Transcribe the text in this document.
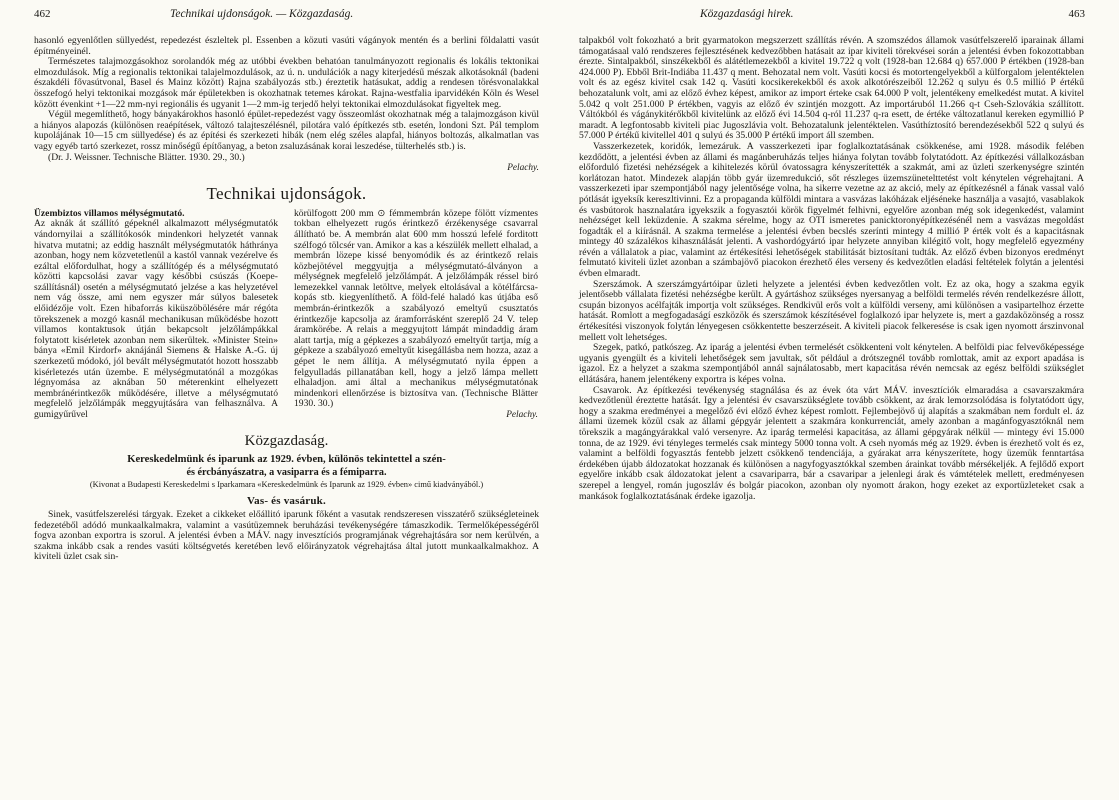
462	Technikai ujdonságok. — Közgazdaság.	Közgazdasági hirek.	463

hasonló egyenlőtlen süllyedést, repedezést észleltek pl. Essenben a közuti vasúti vágányok mentén és a berlini földalatti vasút építményeinél.

Természetes talajmozgásokhoz sorolandók még az utóbbi években behatóan tanulmányozott regionalis és lokális tektonikai elmozdulások. Míg a regionalis tektonikai talajelmozdulások, az ú. n. undulációk a nagy kiterjedésű mészak alkotásoknál (badeni északdéli fővasútvonal, Basel és Mainz között) Rajna szabályozás stb.) éreztetik hatásukat, addig a rendesen törésvonalakkal összefogó helyi tektonikai mozgások már épületekben is okozhatnak tetemes károkat. Rajna-westfalia iparvidékén Köln és Wesel között évenkint +1—22 mm-nyi regionális és ugyanit 1—2 mm-ig terjedő helyi tektonikai elmozdulásokat figyeltek meg.

Végül megemlíthető, hogy bányakárokhos hasonló épület-repedezést vagy összeomlást okozhatnak még a talajmozgáson kivül a hiányos alapozás (különösen reaépítések, változó talajteszélésnél, pilotára való építkezés stb. esetén, londoni Szt. Pál templom kupolájának 10—15 cm süllyedése) és az építési és szerkezeti hibák (nem elég széles alapfal, hiányos boltozás, alkalmatlan vas vagy egyéb tartó szerkezet, rossz minőségű építőanyag, a beton zsaluzásának korai leszedése, tülterhelés stb.) is.

(Dr. J. Weissner. Technische Blätter. 1930. 29., 30.)

Pelachy.

Technikai ujdonságok.

Üzembiztos villamos mélységmutató.

Az aknák át szállító gépeknél alkalmazott mélységmutatók vándornyilai a szállítókosók mindenkori helyzetét vannak hivatva mutatni; az eddig használt mélységmutatók háthránya azonban, hogy nem közvetetlenül a kastól vannak vezérelve és ezáltal előfordulhat, hogy a szállítógép és a mélységmutató közötti kapcsolási zavar vagy későbbi csúszás (Koepe-szállításnál) osetén a mélységmutató jelzése a kas helyzetével nem vág össze, ami nem egyszer már súlyos balesetek előidézője volt. Ezen hibaforrás kiküszöbölésére már régóta törekszenek a mozgó kasnál mechanikusan működésbe hozott villamos kontaktusok útján bekapcsolt jelzőlámpákkal folytatott kisérletek azonban nem sikerültek. «Minister Stein» bánya «Emil Kirdorf» aknájánál Siemens & Halske A.-G. új szerkezetű módokó, jól bevált mélységmutatót hozott hosszabb kisérletezés után üzembe. E mélységmutatónál a mozgókas légnyomása az aknában 50 méterenkint elhelyezett membránérintkezők működésére, illetve a mélységmutató megfelelő jelzőlámpák meggyujtására van felhasználva. A gumigyűrűvel

körülfogott 200 mm ⊙ fémmembrán közepe fölött vízmentes tokban elhelyezett rugós érintkező érzékenysége csavarral állítható be. A membrán alat 600 mm hosszú lefelé forditott szélfogó tölcsér van. Amikor a kas a készülék mellett elhalad, a membrán lözepe kissé benyomódik és az érintkező relais közbejötével meggyujtja a mélységmutató-álványon a mélységnek megfelelő jelzőlámpát. A jelzőlámpák réssel biró lemezekkel vannak letöltve, melyek eltolásával a kötélfárcsa-kopás stb. kiegyenlíthető. A föld-felé haladó kas útjába eső membrán-érintkezők a szabályozó emeltyű csusztatós érintkezője kapcsolja az áramforrásként szereplő 24 V. telep áramkörébe. A relais a meggyujtott lámpát mindaddig áram alatt tartja, míg a gépkezes a szabályozó emeltyűt tartja, míg a gépkeze a szabályozó emeltyűt kisegállásba nem hozza, azaz a gépet le nem állítja. A mélységmutató nyila éppen a felgyulladás pillanatában kell, hogy a jelző lámpa mellett elhaladjon. ami által a mechanikus mélységmutatónak mindenkori ellenőrzése is biztosítva van. (Technische Blätter 1930. 30.)

Pelachy.

Közgazdaság.
Kereskedelmünk és iparunk az 1929. évben, különös tekintettel a szén-
és ércbányászatra, a vasiparra és a fémiparra.
(Kivonat a Budapesti Kereskedelmi s Iparkamara «Kereskedelmünk és Iparunk az 1929. évben» cimű kiadványából.)
Vas- és vasáruk.

Sinek, vasútfelszerelési tárgyak. Ezeket a cikkeket előállitó iparunk főként a vasutak rendszeresen visszatérő szükségleteinek fedezetéből adódó munkaalkalmakra, valamint a vasútüzemnek beruházási tevékenységére támaszkodik. Termelőképességéről fogva azonban exportra is szorul. A jelentési évben a MÁV. nagy invesztíciós programjának végrehajtására sor nem kerülvén, a szakma inkább csak a rendes vasúti költségvetés keretében levő előirányzatok végrehajtása által jutott munkaalkalmakhoz. A kiviteli üzlet csak sin-

talpakból volt fokozható a brit gyarmatokon megszerzett szállítás révén. A szomszédos államok vasútfelszerelő iparainak állami támogatásaal való rendszeres fejlesztésének kedvezőbben hatásait az ipar kiviteli törekvései során a jelentési évben fokozottabban érezte. Sintalpakból, sinszékekből és alátétlemezekből a kivitel 19.722 q volt (1928-ban 12.684 q) 657.000 P értékben (1928-ban 424.000 P). Ebből Brit-Indiába 11.437 q ment. Behozatal nem volt. Vasúti kocsi és motortengelyekből a külforgalom jelentéktelen volt és az egész kivitel csak 142 q. Vasúti kocsikerekekből és axok alkotórészeiből 12.262 q sulyu és 0.5 millió P értékű behozatalunk volt, ami az előző évhez képest, amikor az import érteke csak 64.000 P volt, jelentékeny emelkedést mutat. A kivitel 5.042 q volt 251.000 P értékben, vagyis az előző év szintjén mozgott. Az importáruból 11.266 q-t Cseh-Szlovákia szállított. Váltókból és vágánykitérőkből kivitelünk az előző évi 14.504 q-ról 11.237 q-ra esett, de értéke változatlanul kereken egymillió P maradt. A legfontosabb kiviteli piac Jugoszlávia volt. Behozatalunk jelentéktelen. Vasúthíztosító berendezésekből 522 q sulyú és 57.000 P értékű kivitellel 401 q sulyú és 35.000 P értékű import áll szemben.

Vasszerkezetek, koridók, lemezáruk. A vasszerkezeti ipar foglalkoztatásának csökkenése, ami 1928. második felében kezdődött, a jelentési évben az állami és magánberuházás teljes hiánya folytan tovább folytatódott. Az építkezési vállalkozásban előforduló fizetési nehézségek a kihitelezés körül óvatossagra kényszerítették a szakmát, ami az üzleti szerkenységre szintén korlátozan hatot. Mindezek alapján több gyár üzemredukció, sőt részleges üzemszünetelttetést volt kénytelen végrehajtani. A vasszerkezeti ipar szempontjából nagy jelentősége volna, ha sikerre vezetne az az akció, mely az építkezésnél a fának vassal való pótlását igyeksík kereszltivinni. Ez a propaganda külföldi mintara a vasvázas lakóházak eljéséneke használja a vasajtó, vasablakok és vasbútorok hasznalatára igyekszik a fogyasztói körök figyelmét felhivni, egyelőre azonban még sok idegenkedést, valamint nehézséget kell leküzdenie. A szakma sérelme, hogy az OTI ismeretes panicktoronyépítkezésénél nem a vasvázas megoldást fogadták el a kiírásnál. A szakma termelése a jelentési évben becslés szerínti mintegy 4 millió P érték volt és a kapacitásnak mintegy 40 százalékos kihasználását jelenti. A vashordógyártó ipar helyzete annyiban kilégitő volt, hogy megfelelő egyezmény révén a vállalatok a piac, valamint az értékesítési lehetőségek stabilitását biztosítani tudták. Az előző évben bizonyos eredményt felmutató kiviteli üzlet azonban a számbajövő piacokon érezhető éles verseny és kedvezőtlen eladási feltételek folytán a jelentési évben elmaradt.

Szerszámok. A szerszámgyártóipar üzleti helyzete a jelentési évben kedvezőtlen volt. Ez az oka, hogy a szakma egyik jelentősebb vállalata fizetési nehézségbe került. A gyártáshoz szükséges nyersanyag a belföldi termelés révén rendelkezésre állott, csupán bizonyos acélfajták importja volt szükséges. Rendkivül erős volt a külföldi verseny, ami különösen a vasipartelhoz érzette hatását. Romlott a megfogadaságí eszközök és szerszámok készítésével foglalkozó ipar helyzete is, mert a gazdaközönség a rossz értékesítési viszonyok folytán lényegesen csökkentette beszerzéseit. A kiviteli piacok felkeresése is csak igen nyomott árszinvonal mellett volt lehetséges.

Szegek, patkó, patkószeg. Az iparág a jelentési évben termelését csökkenteni volt kénytelen. A belföldi piac felvevőképessége ugyanis gyengült és a kiviteli lehetőségek sem javultak, sőt például a drótszegnél tovább romlottak, amit az export apadása is igazol. Ez a helyzet a szakma szempontjából annál sajnálatosabb, mert kapacitása révén nemcsak az egész belföldi szükséglet ellátására, hanem jelentékeny exportra is képes volna.

Csavarok. Az építkezési tevékenység stagnálása és az évek óta várt MÁV. invesztíciók elmaradása a csavarszakmára kedvezőtlenül éreztette hatását. Igy a jelentési év csavarszükséglete tovább csökkent, az árak lemorzsolódása is folytatódott úgy, hogy a szakma eredményei a megelőző évi előző évhez képest romlott. Fejlembejövő új alapítás a szakmában nem fordult el. áz állami üzemek közül csak az állami gépgyár jelentett a szakmára konkurrenciát, amely azonban a magánfogyasztóknál nem törekszik a magángyárakkal való versenyre. Az iparág termelési kapacitása, az állami gépgyárak nélkül — mintegy évi 15.000 tonna, de az 1929. évi tényleges termelés csak mintegy 5000 tonna volt. A cseh nyomás még az 1929. évben is érezhető volt és ez, valamint a belföldi fogyasztás fentebb jelzett csökkenő tendenciája, a gyárakat arra kényszerítete, hogy üzemük fenntartása érdekében újabb áldozatokat hozzanak és különösen a nagyfogyasztókkal szemben árainkat tovább mérsékeljék. A fejlődő export egyelőre inkább csak áldozatokat jelent a csavariparra, bár a csavaripar a jelenlegi árak és vámtételek mellett, eredményesen szerepel a lengyel, román jugoszláv és bolgár piacokon, azonban oly nyomott árakon, hogy ezeket az exportüzleteket csak a mankások foglalkoztatásának érdeke igazolja.
